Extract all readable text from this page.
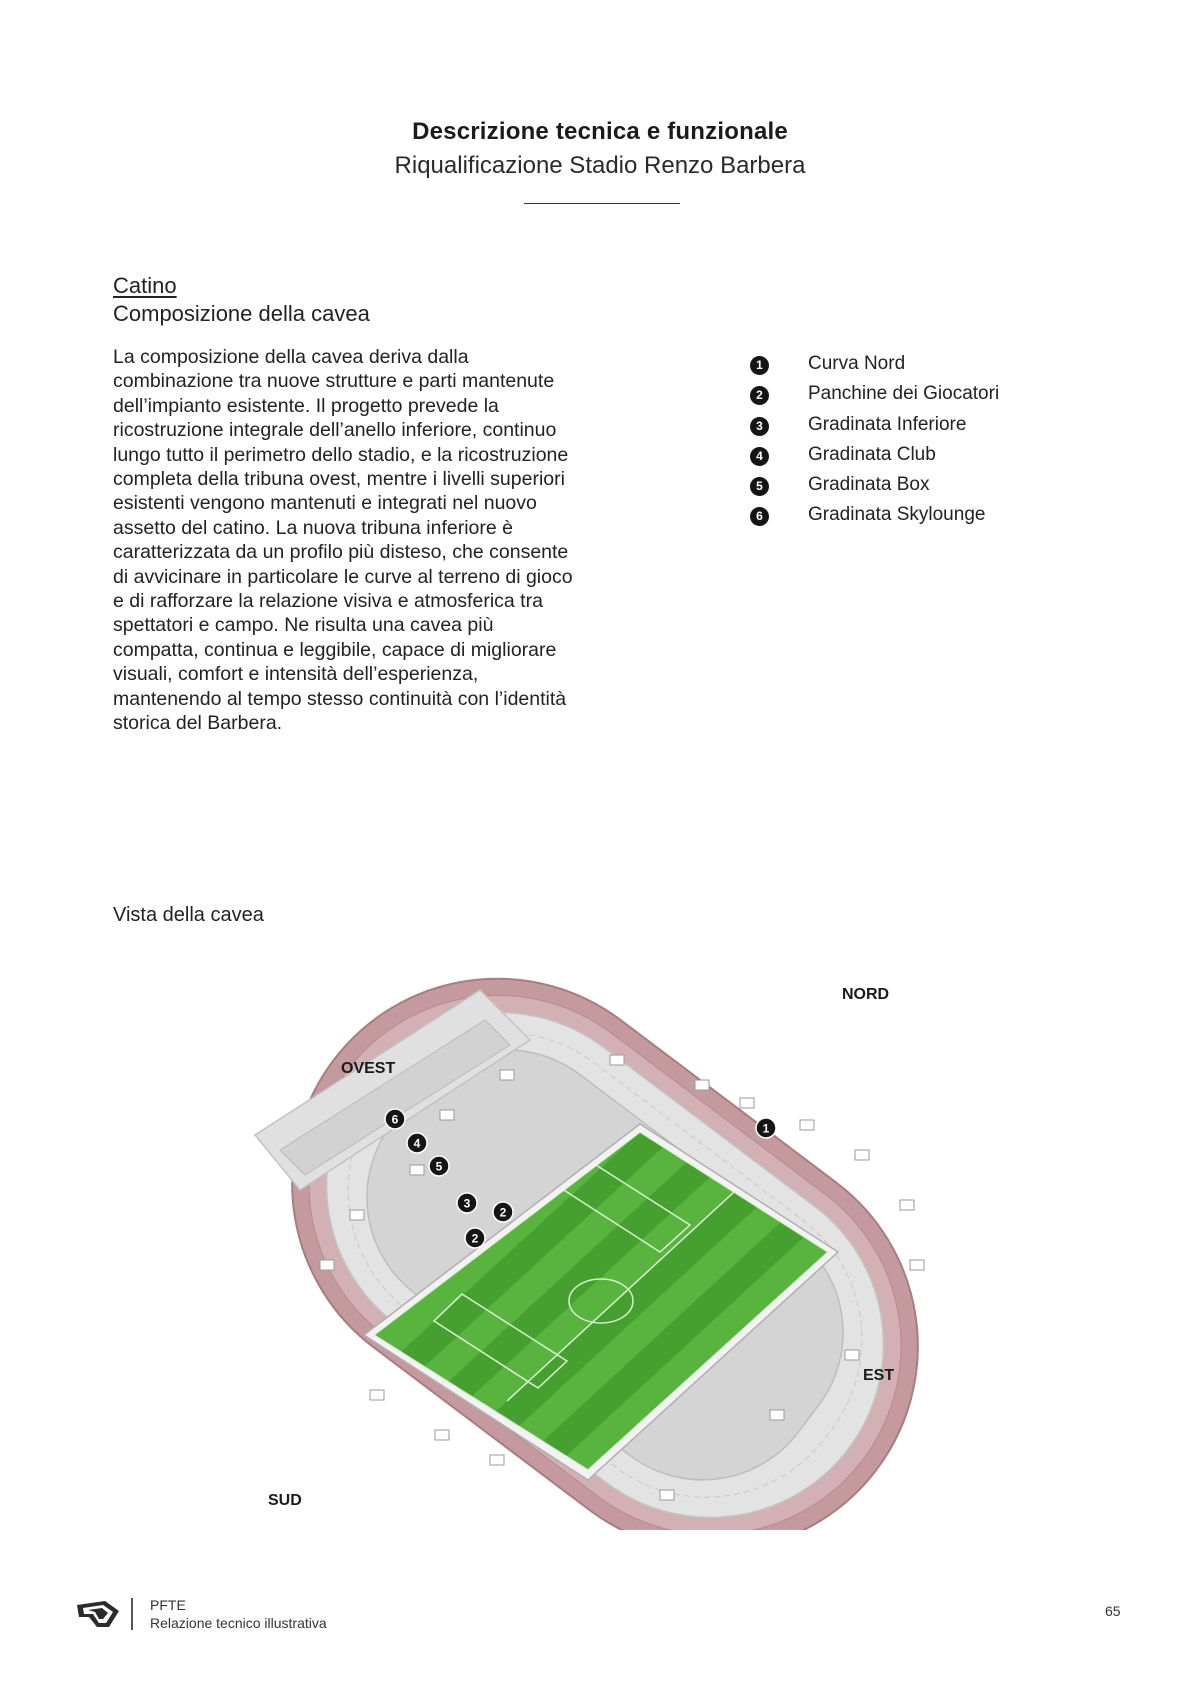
Descrizione tecnica e funzionale
Riqualificazione Stadio Renzo Barbera
Catino
Composizione della cavea
La composizione della cavea deriva dalla combinazione tra nuove strutture e parti mantenute dell’impianto esistente. Il progetto prevede la ricostruzione integrale dell’anello inferiore, continuo lungo tutto il perimetro dello stadio, e la ricostruzione completa della tribuna ovest, mentre i livelli superiori esistenti vengono mantenuti e integrati nel nuovo assetto del catino. La nuova tribuna inferiore è caratterizzata da un profilo più disteso, che consente di avvicinare in particolare le curve al terreno di gioco e di rafforzare la relazione visiva e atmosferica tra spettatori e campo. Ne risulta una cavea più compatta, continua e leggibile, capace di migliorare visuali, comfort e intensità dell’esperienza, mantenendo al tempo stesso continuità con l’identità storica del Barbera.
1	Curva Nord
2	Panchine dei Giocatori
3	Gradinata Inferiore
4	Gradinata Club
5	Gradinata Box
6	Gradinata Skylounge
Vista della cavea
NORD
OVEST
EST
SUD
6
4
5
3
2
2
1
PFTE
Relazione tecnico illustrativa
65
